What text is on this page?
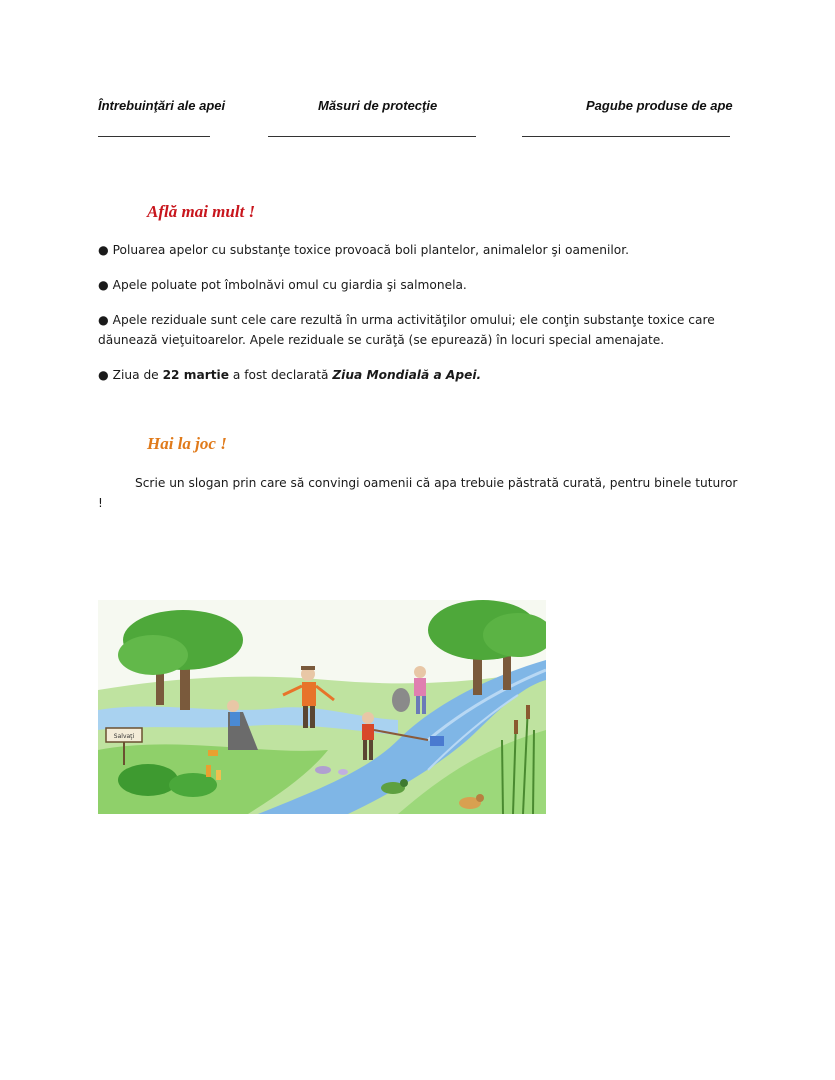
Întrebuinţări ale apei	Măsuri de protecţie	Pagube produse de ape
Află mai mult !
● Poluarea apelor cu substanţe toxice provoacă boli plantelor, animalelor şi oamenilor.
● Apele poluate pot îmbolnăvi omul cu giardia şi salmonela.
● Apele reziduale sunt cele care rezultă în urma activităţilor omului; ele conţin substanţe toxice care dăunează vieţuitoarelor. Apele reziduale se curăţă (se epurează) în locuri special amenajate.
● Ziua de 22 martie a fost declarată Ziua Mondială a Apei.
Hai la joc !
Scrie un slogan prin care să convingi oamenii că apa trebuie păstrată curată, pentru binele tuturor !
Salvaţi
